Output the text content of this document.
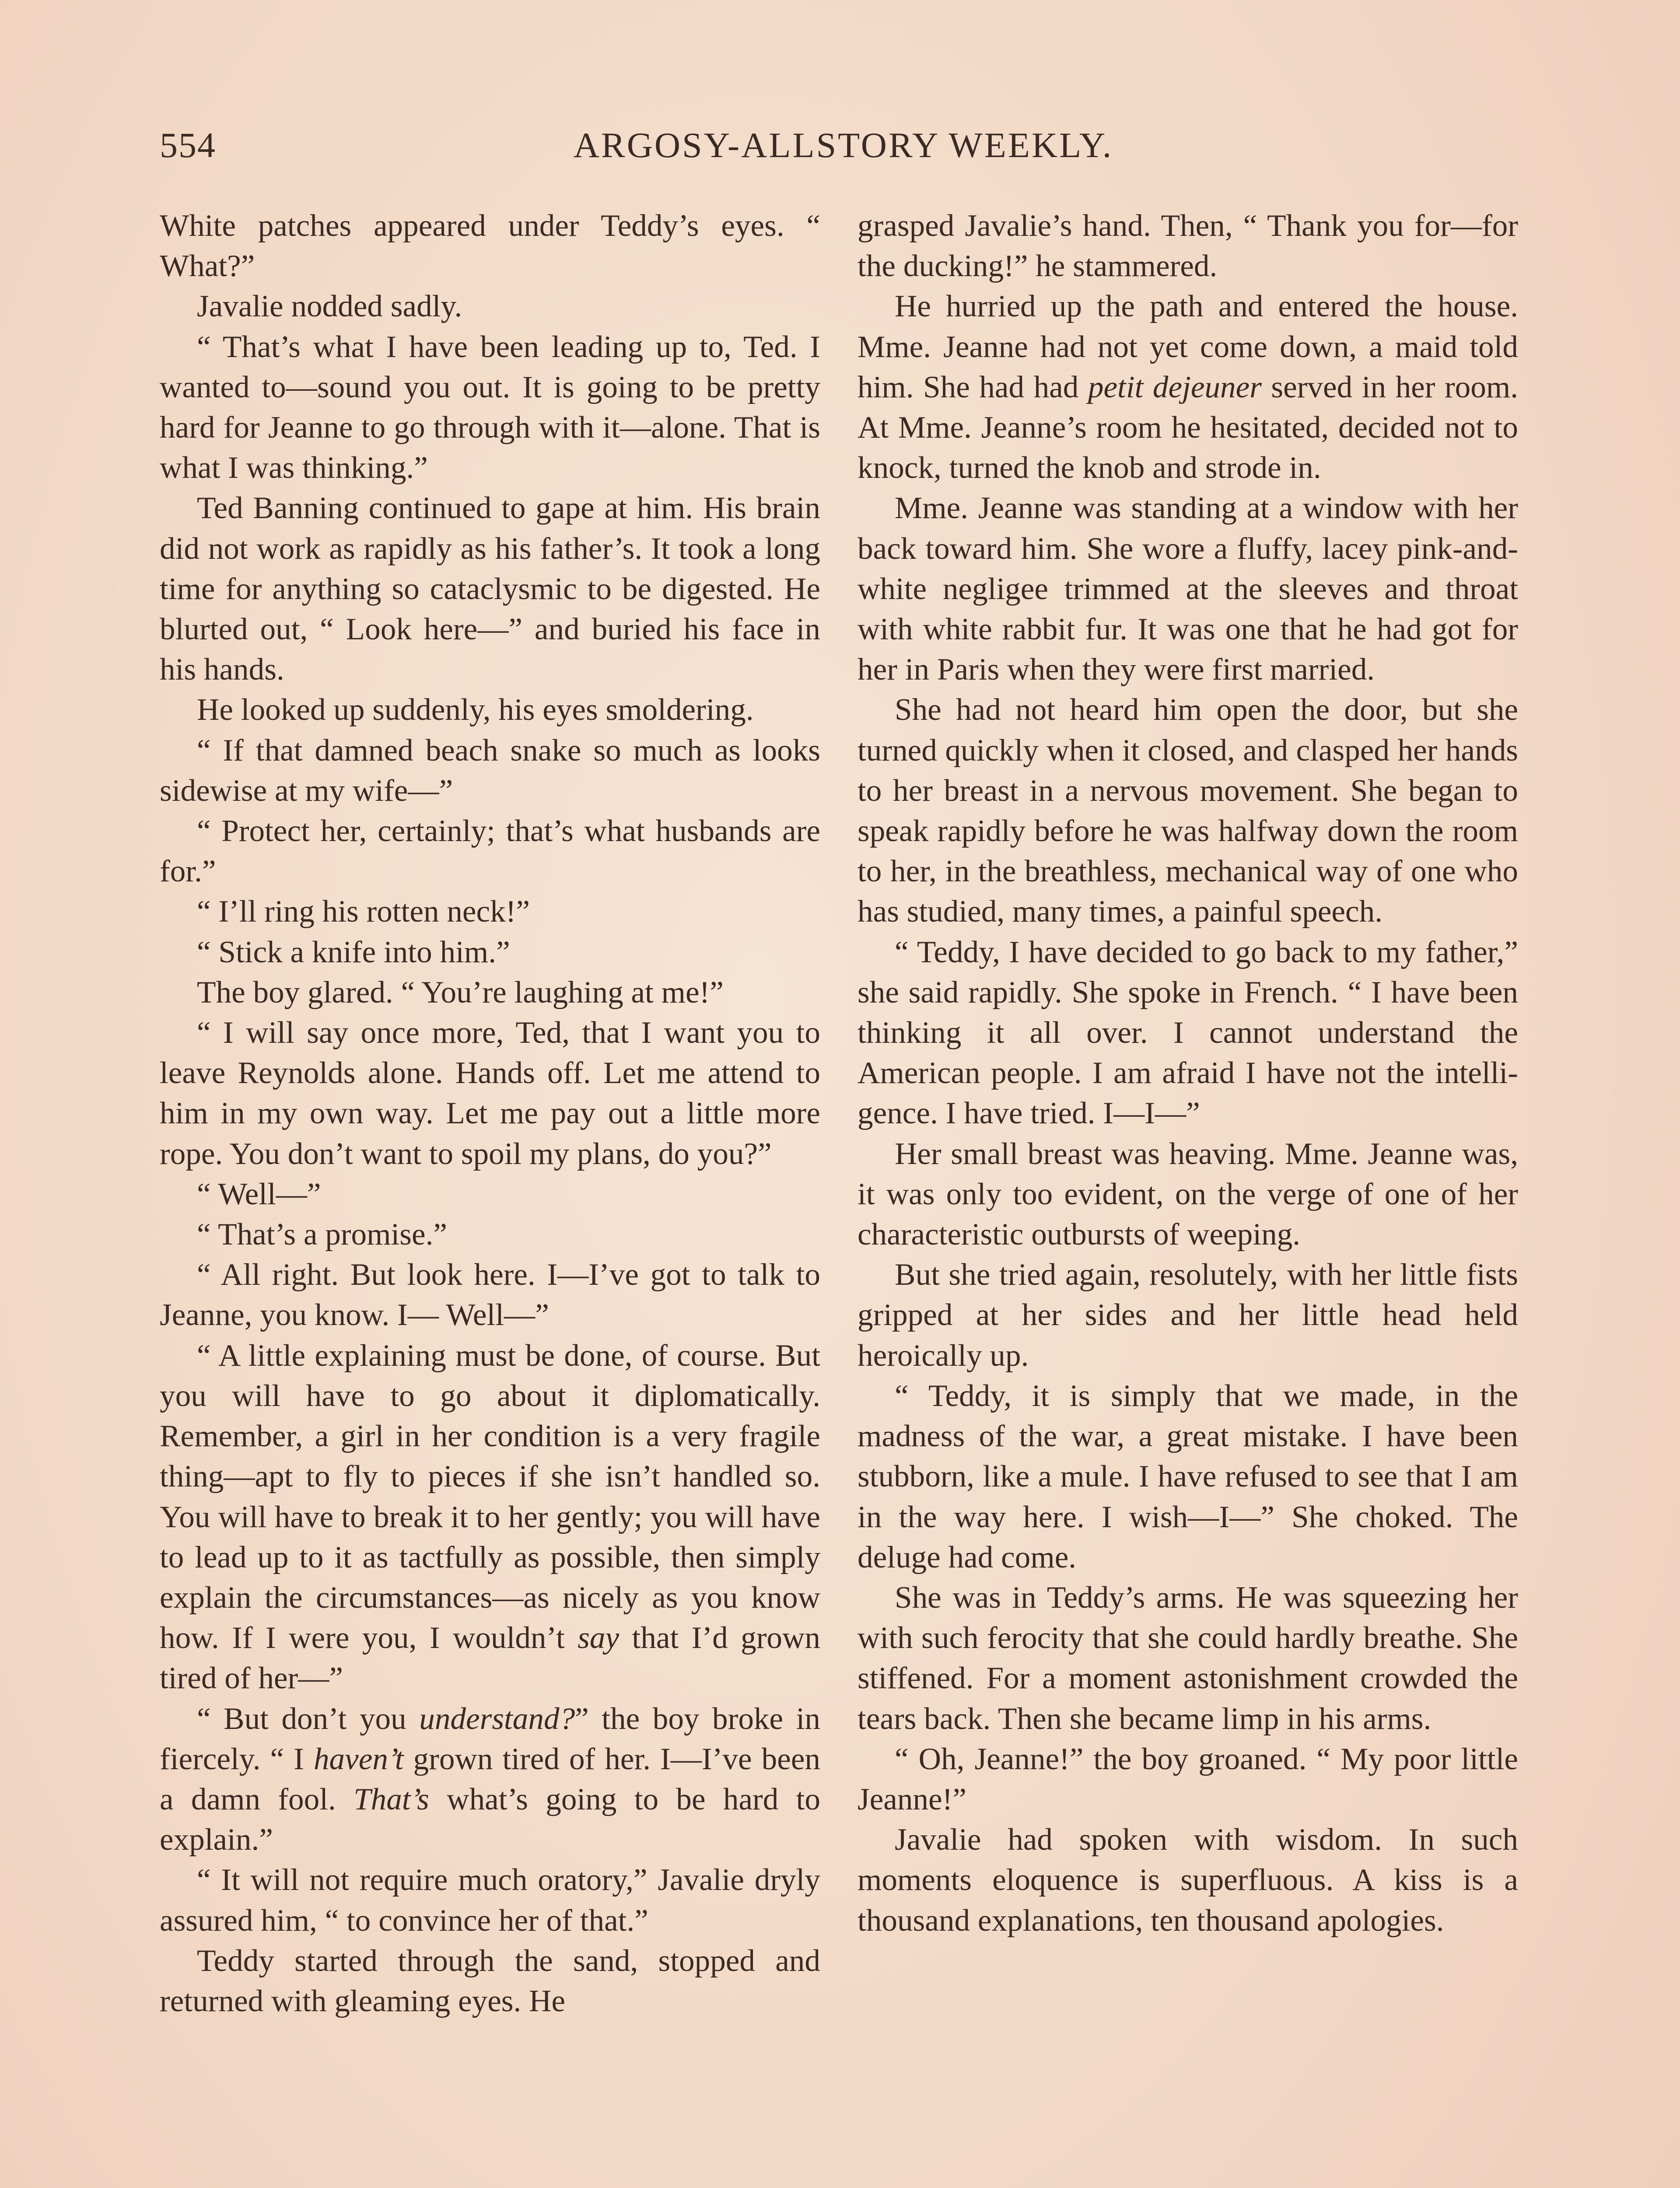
554	ARGOSY-ALLSTORY WEEKLY.

White patches appeared under Teddy’s eyes. “ What?”

Javalie nodded sadly.

“ That’s what I have been leading up to, Ted. I wanted to—sound you out. It is going to be pretty hard for Jeanne to go through with it—alone. That is what I was thinking.”

Ted Banning continued to gape at him. His brain did not work as rapidly as his father’s. It took a long time for anything so cataclysmic to be digested. He blurted out, “ Look here—” and buried his face in his hands.

He looked up suddenly, his eyes smoldering.

“ If that damned beach snake so much as looks sidewise at my wife—”

“ Protect her, certainly; that’s what husbands are for.”

“ I’ll ring his rotten neck!”

“ Stick a knife into him.”

The boy glared. “ You’re laughing at me!”

“ I will say once more, Ted, that I want you to leave Reynolds alone. Hands off. Let me attend to him in my own way. Let me pay out a little more rope. You don’t want to spoil my plans, do you?”

“ Well—”

“ That’s a promise.”

“ All right. But look here. I—I’ve got to talk to Jeanne, you know. I— Well—”

“ A little explaining must be done, of course. But you will have to go about it diplomatically. Remember, a girl in her condition is a very fragile thing—apt to fly to pieces if she isn’t handled so. You will have to break it to her gently; you will have to lead up to it as tactfully as possible, then simply explain the circumstances—as nicely as you know how. If I were you, I wouldn’t say that I’d grown tired of her—”

“ But don’t you understand?” the boy broke in fiercely. “ I haven’t grown tired of her. I—I’ve been a damn fool. That’s what’s going to be hard to explain.”

“ It will not require much oratory,” Javalie dryly assured him, “ to convince her of that.”

Teddy started through the sand, stopped and returned with gleaming eyes. He

grasped Javalie’s hand. Then, “ Thank you for—for the ducking!” he stammered.

He hurried up the path and entered the house. Mme. Jeanne had not yet come down, a maid told him. She had had petit dejeuner served in her room. At Mme. Jeanne’s room he hesitated, decided not to knock, turned the knob and strode in.

Mme. Jeanne was standing at a window with her back toward him. She wore a fluffy, lacey pink-and-white negligee trimmed at the sleeves and throat with white rabbit fur. It was one that he had got for her in Paris when they were first married.

She had not heard him open the door, but she turned quickly when it closed, and clasped her hands to her breast in a nervous movement. She began to speak rapidly before he was halfway down the room to her, in the breathless, mechanical way of one who has studied, many times, a painful speech.

“ Teddy, I have decided to go back to my father,” she said rapidly. She spoke in French. “ I have been thinking it all over. I cannot understand the American people. I am afraid I have not the intelligence. I have tried. I—I—”

Her small breast was heaving. Mme. Jeanne was, it was only too evident, on the verge of one of her characteristic outbursts of weeping.

But she tried again, resolutely, with her little fists gripped at her sides and her little head held heroically up.

“ Teddy, it is simply that we made, in the madness of the war, a great mistake. I have been stubborn, like a mule. I have refused to see that I am in the way here. I wish—I—” She choked. The deluge had come.

She was in Teddy’s arms. He was squeezing her with such ferocity that she could hardly breathe. She stiffened. For a moment astonishment crowded the tears back. Then she became limp in his arms.

“ Oh, Jeanne!” the boy groaned. “ My poor little Jeanne!”

Javalie had spoken with wisdom. In such moments eloquence is superfluous. A kiss is a thousand explanations, ten thousand apologies.
